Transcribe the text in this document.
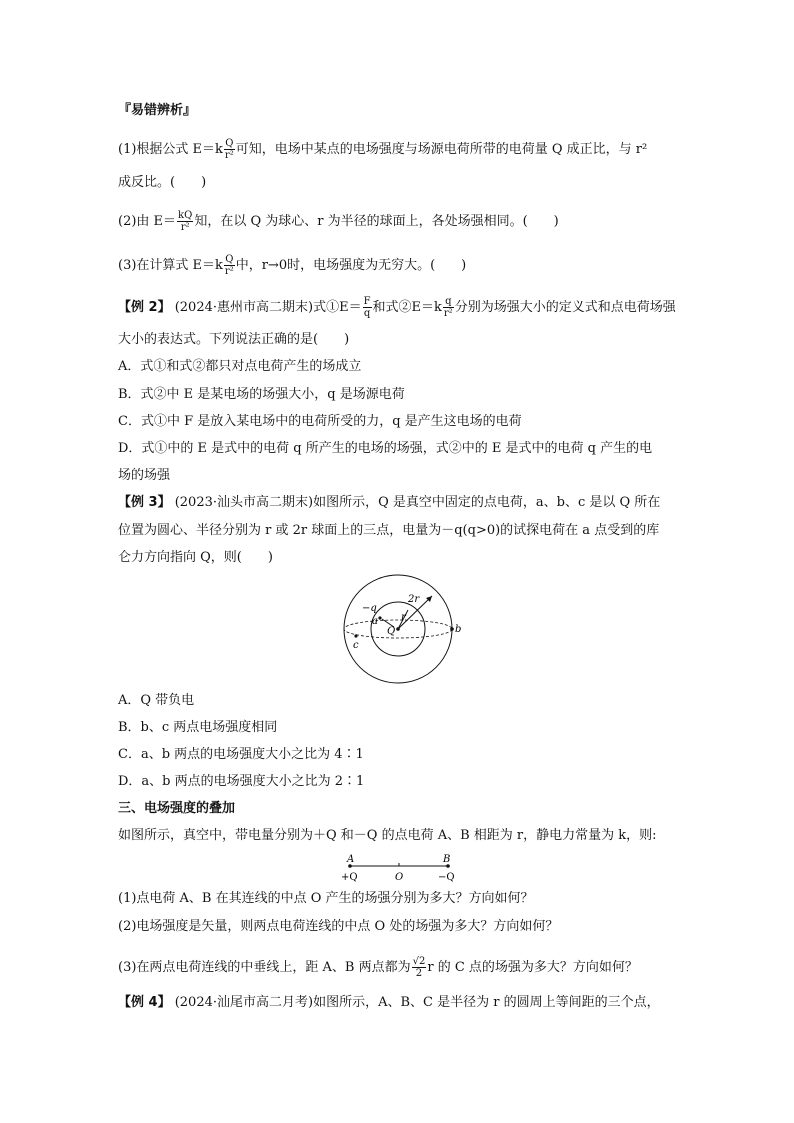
『易错辨析』
(1)根据公式 $E=k \frac{Q}{\text{r²}}$ 可知，电场中某点的电场强度与场源电荷所带的电荷量 Q 成正比，与 r²
成反比。(　　)
(2)由 $E= \frac{kQ}{\text{r²}}$ 知，在以 Q 为球心、r 为半径的球面上，各处场强相同。(　　)
(3)在计算式 $E=k \frac{Q}{\text{r²}}$ 中，r→0时，电场强度为无穷大。(　　)
【例 2】 (2024·惠州市高二期末)式①E＝ $\frac{F}{q}$ 和式②E＝k $\frac{q}{\text{r²}}$ 分别为场强大小的定义式和点电荷场强
大小的表达式。下列说法正确的是(　　)
A．式①和式②都只对点电荷产生的场成立
B．式②中 E 是某电场的场强大小，q 是场源电荷
C．式①中 F 是放入某电场中的电荷所受的力，q 是产生这电场的电荷
D．式①中的 E 是式中的电荷 q 所产生的电场的场强，式②中的 E 是式中的电荷 q 产生的电
场的场强
【例 3】 (2023·汕头市高二期末)如图所示，Q 是真空中固定的点电荷，a、b、c 是以 Q 所在
位置为圆心、半径分别为 r 或 2r 球面上的三点，电量为－q(q>0)的试探电荷在 a 点受到的库
仑力方向指向 Q，则(　　)
−q
a r
2r
Q	b
c
A．Q 带负电
B．b、c 两点电场强度相同
C．a、b 两点的电场强度大小之比为 4∶1
D．a、b 两点的电场强度大小之比为 2∶1
三、电场强度的叠加
如图所示，真空中，带电量分别为＋Q 和－Q 的点电荷 A、B 相距为 r，静电力常量为 k，则:
A	B
+Q	O	−Q
(1)点电荷 A、B 在其连线的中点 O 产生的场强分别为多大？方向如何？
(2)电场强度是矢量，则两点电荷连线的中点 O 处的场强为多大？方向如何？
(3)在两点电荷连线的中垂线上，距 A、B 两点都为 $\frac{√2}{2}$ r 的 C 点的场强为多大？方向如何？
【例 4】 (2024·汕尾市高二月考)如图所示，A、B、C 是半径为 r 的圆周上等间距的三个点，
